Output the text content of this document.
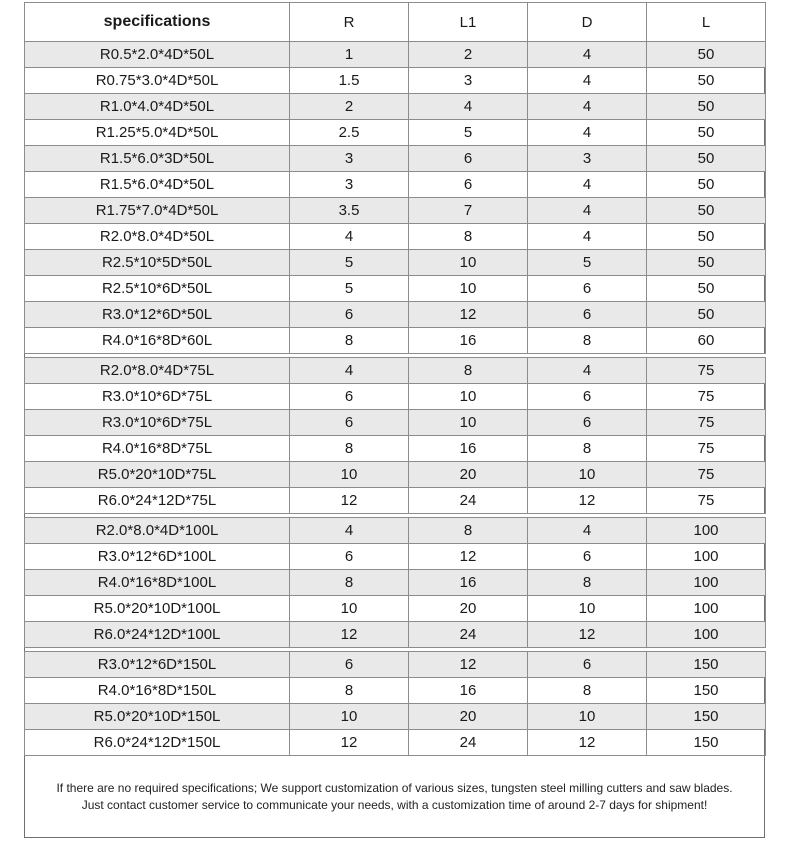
specifications	R	L1	D	L
R0.5*2.0*4D*50L	1	2	4	50
R0.75*3.0*4D*50L	1.5	3	4	50
R1.0*4.0*4D*50L	2	4	4	50
R1.25*5.0*4D*50L	2.5	5	4	50
R1.5*6.0*3D*50L	3	6	3	50
R1.5*6.0*4D*50L	3	6	4	50
R1.75*7.0*4D*50L	3.5	7	4	50
R2.0*8.0*4D*50L	4	8	4	50
R2.5*10*5D*50L	5	10	5	50
R2.5*10*6D*50L	5	10	6	50
R3.0*12*6D*50L	6	12	6	50
R4.0*16*8D*60L	8	16	8	60

R2.0*8.0*4D*75L	4	8	4	75
R3.0*10*6D*75L	6	10	6	75
R3.0*10*6D*75L	6	10	6	75
R4.0*16*8D*75L	8	16	8	75
R5.0*20*10D*75L	10	20	10	75
R6.0*24*12D*75L	12	24	12	75

R2.0*8.0*4D*100L	4	8	4	100
R3.0*12*6D*100L	6	12	6	100
R4.0*16*8D*100L	8	16	8	100
R5.0*20*10D*100L	10	20	10	100
R6.0*24*12D*100L	12	24	12	100

R3.0*12*6D*150L	6	12	6	150
R4.0*16*8D*150L	8	16	8	150
R5.0*20*10D*150L	10	20	10	150
R6.0*24*12D*150L	12	24	12	150
If there are no required specifications; We support customization of various sizes, tungsten steel milling cutters and saw blades.
Just contact customer service to communicate your needs, with a customization time of around 2-7 days for shipment!
